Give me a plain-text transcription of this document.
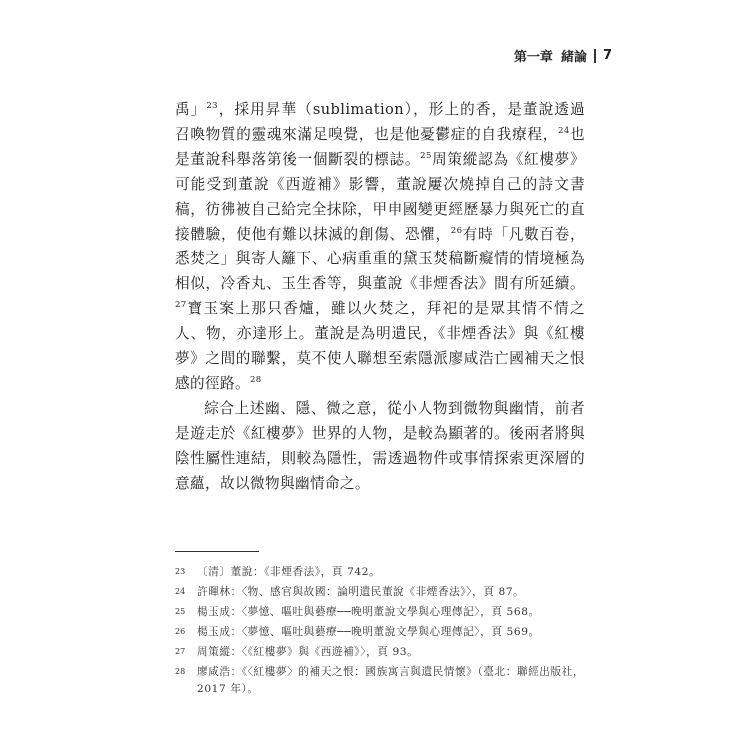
第一章 緒論 7

禹」$^{23}$，採用昇華（sublimation），形上的香，是董說透過召喚物質的靈魂來滿足嗅覺，也是他憂鬱症的自我療程，$^{24}$也是董說科舉落第後一個斷裂的標誌。$^{25}$周策縱認為《紅樓夢》可能受到董說《西遊補》影響，董說屢次燒掉自己的詩文書稿，彷彿被自己給完全抹除，甲申國變更經歷暴力與死亡的直接體驗，使他有難以抹滅的創傷、恐懼，$^{26}$有時「凡數百卷，悉焚之」與寄人籬下、心病重重的黛玉焚稿斷癡情的情境極為相似，冷香丸、玉生香等，與董說《非煙香法》間有所延續。$^{27}$寶玉案上那只香爐，雖以火焚之，拜祀的是眾其情不情之人、物，亦達形上。董說是為明遺民，《非煙香法》與《紅樓夢》之間的聯繫，莫不使人聯想至索隱派廖咸浩亡國補天之恨感的徑路。$^{28}$

綜合上述幽、隱、微之意，從小人物到微物與幽情，前者是遊走於《紅樓夢》世界的人物，是較為顯著的。後兩者將與陰性屬性連結，則較為隱性，需透過物件或事情探索更深層的意蘊，故以微物與幽情命之。

23	〔清〕董說：《非煙香法》，頁 742。
24	許暉林：〈物、感官與故國：論明遺民董說《非煙香法》〉，頁 87。
25	楊玉成：〈夢憶、嘔吐與藝療──晚明董說文學與心理傳記〉，頁 568。
26	楊玉成：〈夢憶、嘔吐與藝療──晚明董說文學與心理傳記〉，頁 569。
27	周策縱：〈《紅樓夢》與《西遊補》〉，頁 93。
28	廖咸浩：《〈紅樓夢〉的補天之恨：國族寓言與遺民情懷》（臺北：聯經出版社，2017 年）。
